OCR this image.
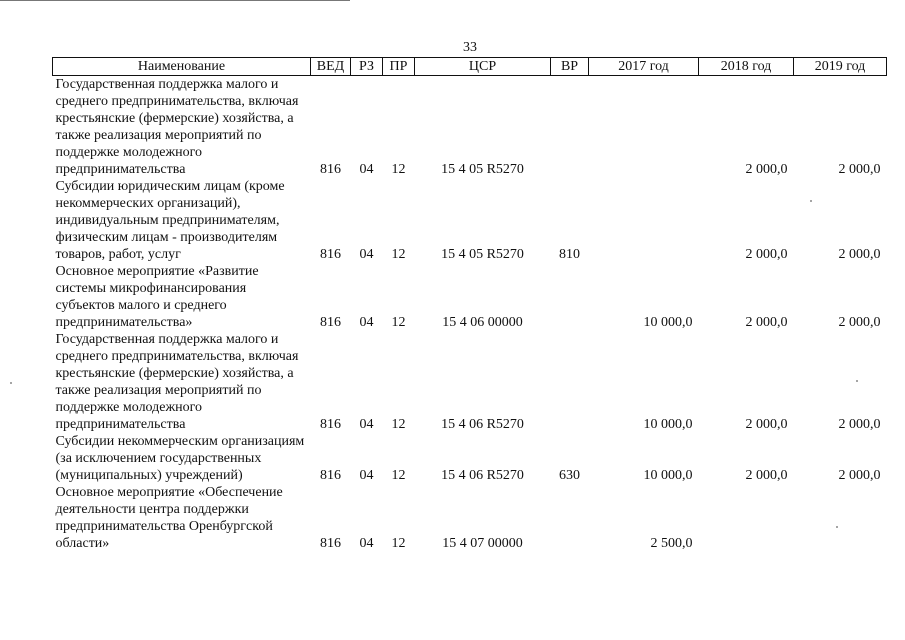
33
Наименование	ВЕД	РЗ	ПР	ЦСР	ВР	2017 год	2018 год	2019 год
Государственная поддержка малого и среднего предпринимательства, включая крестьянские (фермерские) хозяйства, а также реализация мероприятий по поддержке молодежного предпринимательства	816	04	12	15 4 05 R5270			2 000,0	2 000,0
Субсидии юридическим лицам (кроме некоммерческих организаций), индивидуальным предпринимателям, физическим лицам - производителям товаров, работ, услуг	816	04	12	15 4 05 R5270	810		2 000,0	2 000,0
Основное мероприятие «Развитие системы микрофинансирования субъектов малого и среднего предпринимательства»	816	04	12	15 4 06 00000		10 000,0	2 000,0	2 000,0
Государственная поддержка малого и среднего предпринимательства, включая крестьянские (фермерские) хозяйства, а также реализация мероприятий по поддержке молодежного предпринимательства	816	04	12	15 4 06 R5270		10 000,0	2 000,0	2 000,0
Субсидии некоммерческим организациям (за исключением государственных (муниципальных) учреждений)	816	04	12	15 4 06 R5270	630	10 000,0	2 000,0	2 000,0
Основное мероприятие «Обеспечение деятельности центра поддержки предпринимательства Оренбургской области»	816	04	12	15 4 07 00000		2 500,0		
